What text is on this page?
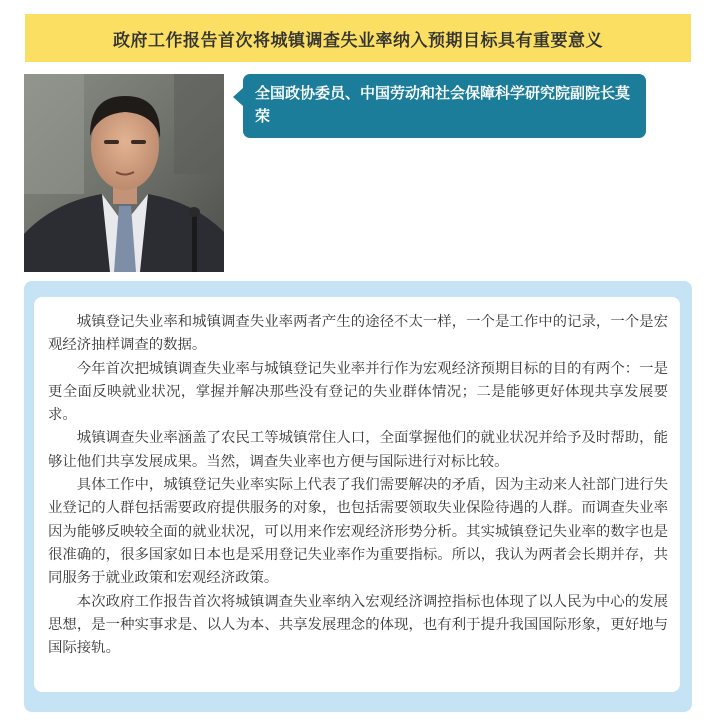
政府工作报告首次将城镇调查失业率纳入预期目标具有重要意义
全国政协委员、中国劳动和社会保障科学研究院副院长莫荣

城镇登记失业率和城镇调查失业率两者产生的途径不太一样，一个是工作中的记录，一个是宏观经济抽样调查的数据。

今年首次把城镇调查失业率与城镇登记失业率并行作为宏观经济预期目标的目的有两个：一是更全面反映就业状况，掌握并解决那些没有登记的失业群体情况；二是能够更好体现共享发展要求。

城镇调查失业率涵盖了农民工等城镇常住人口，全面掌握他们的就业状况并给予及时帮助，能够让他们共享发展成果。当然，调查失业率也方便与国际进行对标比较。

具体工作中，城镇登记失业率实际上代表了我们需要解决的矛盾，因为主动来人社部门进行失业登记的人群包括需要政府提供服务的对象，也包括需要领取失业保险待遇的人群。而调查失业率因为能够反映较全面的就业状况，可以用来作宏观经济形势分析。其实城镇登记失业率的数字也是很准确的，很多国家如日本也是采用登记失业率作为重要指标。所以，我认为两者会长期并存，共同服务于就业政策和宏观经济政策。

本次政府工作报告首次将城镇调查失业率纳入宏观经济调控指标也体现了以人民为中心的发展思想，是一种实事求是、以人为本、共享发展理念的体现，也有利于提升我国国际形象，更好地与国际接轨。
